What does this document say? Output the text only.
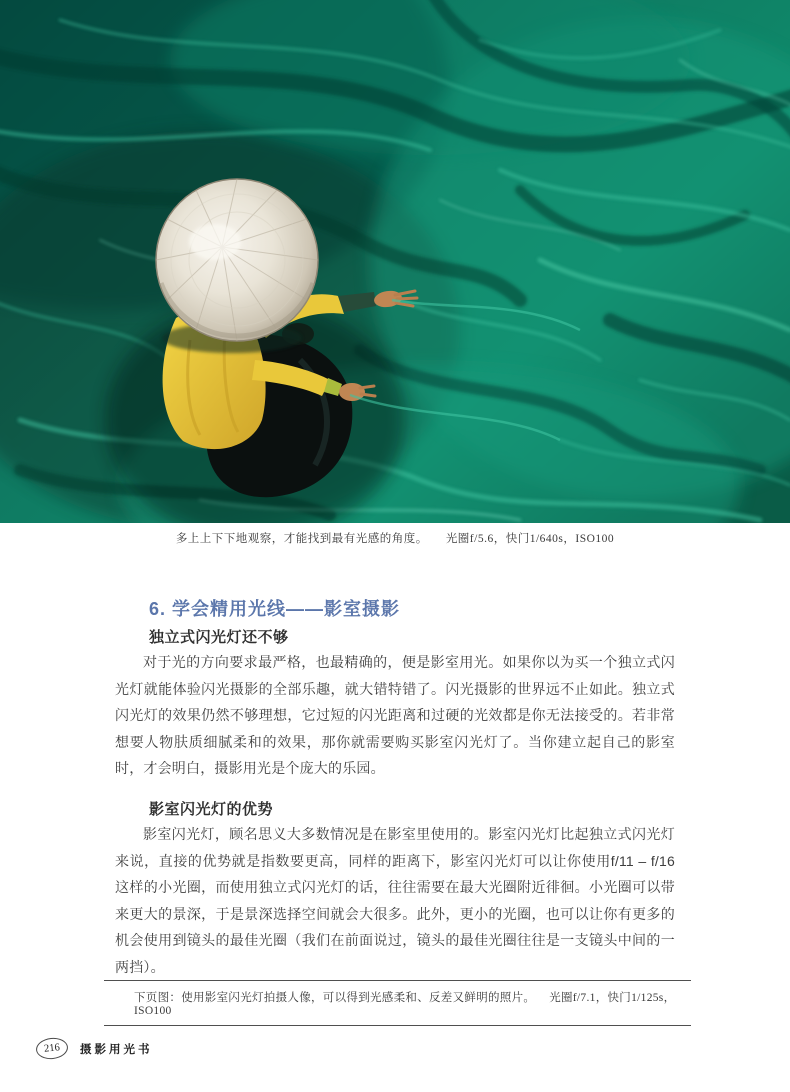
多上上下下地观察，才能找到最有光感的角度。 光圈f/5.6，快门1/640s，ISO100
6. 学会精用光线——影室摄影
独立式闪光灯还不够
对于光的方向要求最严格，也最精确的，便是影室用光。如果你以为买一个独立式闪光灯就能体验闪光摄影的全部乐趣，就大错特错了。闪光摄影的世界远不止如此。独立式闪光灯的效果仍然不够理想，它过短的闪光距离和过硬的光效都是你无法接受的。若非常想要人物肤质细腻柔和的效果，那你就需要购买影室闪光灯了。当你建立起自己的影室时，才会明白，摄影用光是个庞大的乐园。
影室闪光灯的优势
影室闪光灯，顾名思义大多数情况是在影室里使用的。影室闪光灯比起独立式闪光灯来说，直接的优势就是指数要更高，同样的距离下，影室闪光灯可以让你使用f/11 – f/16这样的小光圈，而使用独立式闪光灯的话，往往需要在最大光圈附近徘徊。小光圈可以带来更大的景深，于是景深选择空间就会大很多。此外，更小的光圈，也可以让你有更多的机会使用到镜头的最佳光圈（我们在前面说过，镜头的最佳光圈往往是一支镜头中间的一两挡）。
下页图：使用影室闪光灯拍摄人像，可以得到光感柔和、反差又鲜明的照片。 光圈f/7.1，快门1/125s，ISO100
216	摄影用光书
